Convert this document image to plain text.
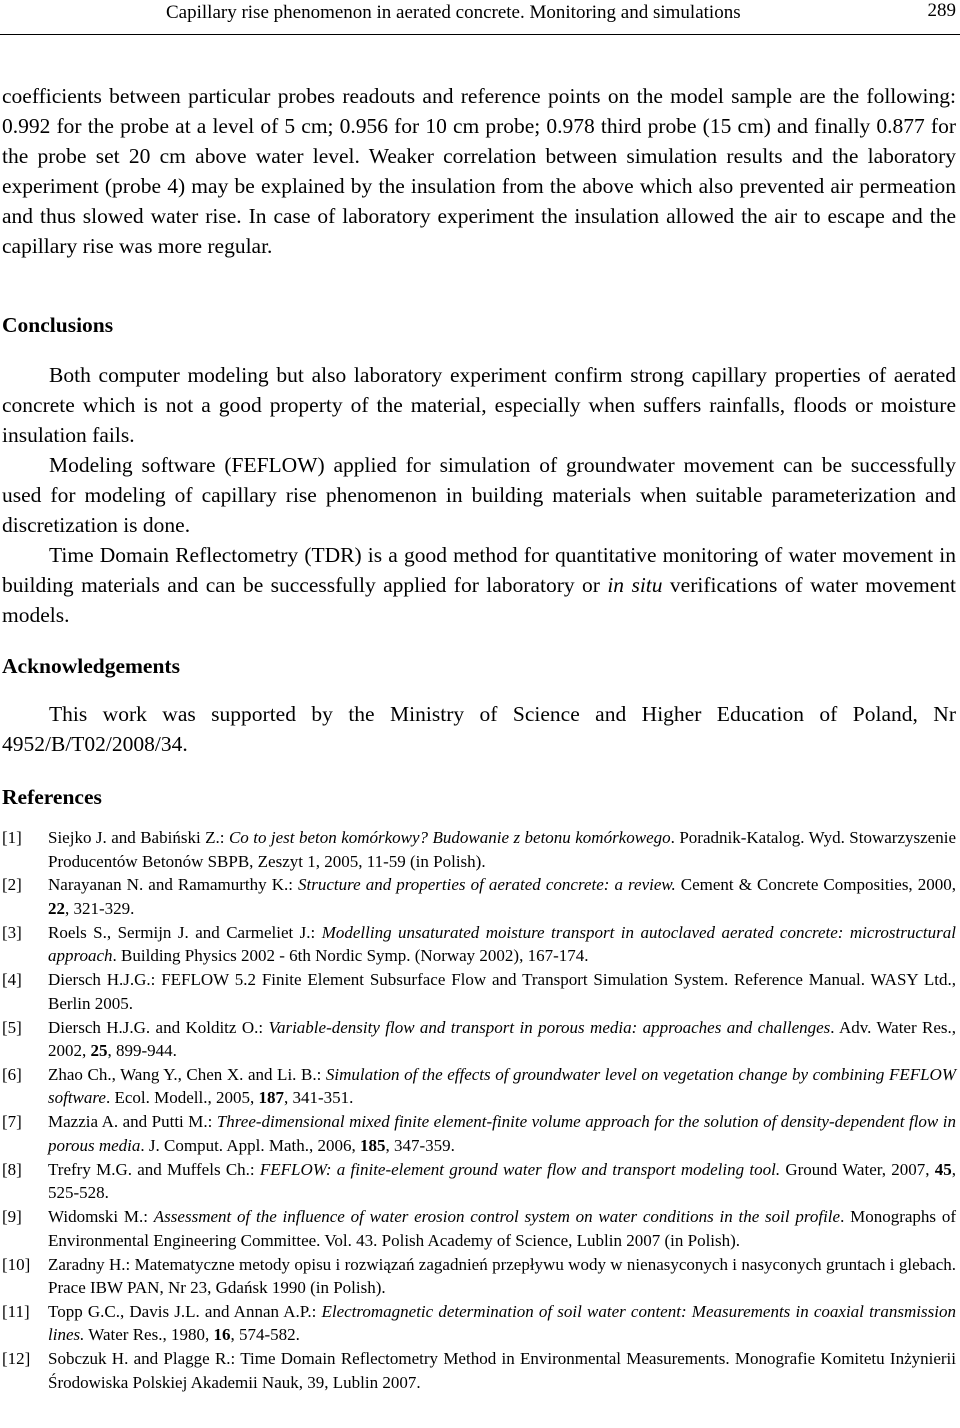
Capillary rise phenomenon in aerated concrete. Monitoring and simulations	289

coefficients between particular probes readouts and reference points on the model sample are the following: 0.992 for the probe at a level of 5 cm; 0.956 for 10 cm probe; 0.978 third probe (15 cm) and finally 0.877 for the probe set 20 cm above water level. Weaker correlation between simulation results and the laboratory experiment (probe 4) may be explained by the insulation from the above which also prevented air permeation and thus slowed water rise. In case of laboratory experiment the insulation allowed the air to escape and the capillary rise was more regular.

Conclusions

Both computer modeling but also laboratory experiment confirm strong capillary properties of aerated concrete which is not a good property of the material, especially when suffers rainfalls, floods or moisture insulation fails.

Modeling software (FEFLOW) applied for simulation of groundwater movement can be successfully used for modeling of capillary rise phenomenon in building materials when suitable parameterization and discretization is done.

Time Domain Reflectometry (TDR) is a good method for quantitative monitoring of water movement in building materials and can be successfully applied for laboratory or in situ verifications of water movement models.

Acknowledgements

This work was supported by the Ministry of Science and Higher Education of Poland, Nr 4952/B/T02/2008/34.

References
[1]	Siejko J. and Babiński Z.: Co to jest beton komórkowy? Budowanie z betonu komórkowego. Poradnik-Katalog. Wyd. Stowarzyszenie Producentów Betonów SBPB, Zeszyt 1, 2005, 11-59 (in Polish).
[2]	Narayanan N. and Ramamurthy K.: Structure and properties of aerated concrete: a review. Cement & Concrete Composities, 2000, 22, 321-329.
[3]	Roels S., Sermijn J. and Carmeliet J.: Modelling unsaturated moisture transport in autoclaved aerated concrete: microstructural approach. Building Physics 2002 - 6th Nordic Symp. (Norway 2002), 167-174.
[4]	Diersch H.J.G.: FEFLOW 5.2 Finite Element Subsurface Flow and Transport Simulation System. Reference Manual. WASY Ltd., Berlin 2005.
[5]	Diersch H.J.G. and Kolditz O.: Variable-density flow and transport in porous media: approaches and challenges. Adv. Water Res., 2002, 25, 899-944.
[6]	Zhao Ch., Wang Y., Chen X. and Li. B.: Simulation of the effects of groundwater level on vegetation change by combining FEFLOW software. Ecol. Modell., 2005, 187, 341-351.
[7]	Mazzia A. and Putti M.: Three-dimensional mixed finite element-finite volume approach for the solution of density-dependent flow in porous media. J. Comput. Appl. Math., 2006, 185, 347-359.
[8]	Trefry M.G. and Muffels Ch.: FEFLOW: a finite-element ground water flow and transport modeling tool. Ground Water, 2007, 45, 525-528.
[9]	Widomski M.: Assessment of the influence of water erosion control system on water conditions in the soil profile. Monographs of Environmental Engineering Committee. Vol. 43. Polish Academy of Science, Lublin 2007 (in Polish).
[10]	Zaradny H.: Matematyczne metody opisu i rozwiązań zagadnień przepływu wody w nienasyconych i nasyconych gruntach i glebach. Prace IBW PAN, Nr 23, Gdańsk 1990 (in Polish).
[11]	Topp G.C., Davis J.L. and Annan A.P.: Electromagnetic determination of soil water content: Measurements in coaxial transmission lines. Water Res., 1980, 16, 574-582.
[12]	Sobczuk H. and Plagge R.: Time Domain Reflectometry Method in Environmental Measurements. Monografie Komitetu Inżynierii Środowiska Polskiej Akademii Nauk, 39, Lublin 2007.
